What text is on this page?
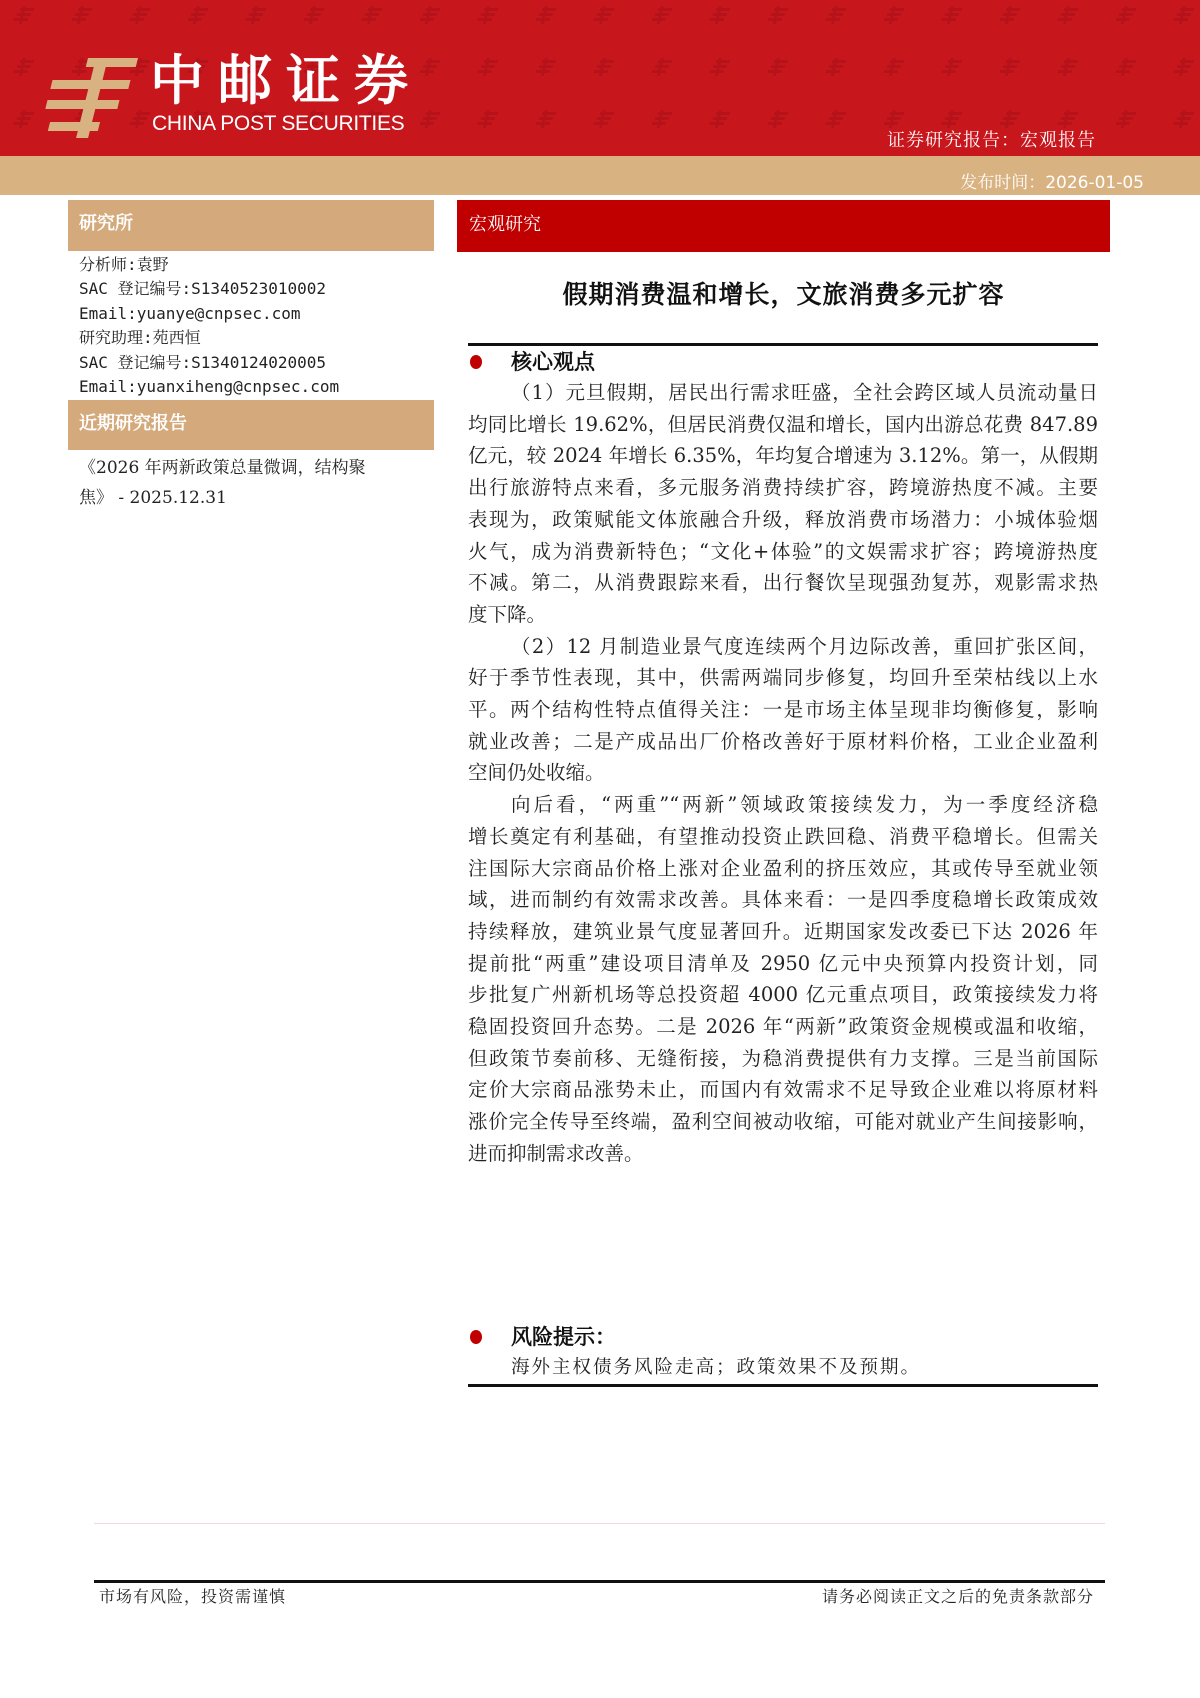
中邮证券
CHINA POST SECURITIES
证券研究报告：宏观报告
发布时间：2026-01-05
研究所
分析师:袁野
SAC 登记编号:S1340523010002
Email:yuanye@cnpsec.com
研究助理:苑西恒
SAC 登记编号:S1340124020005
Email:yuanxiheng@cnpsec.com
近期研究报告
《2026 年两新政策总量微调，结构聚
焦》 - 2025.12.31
宏观研究
假期消费温和增长，文旅消费多元扩容
核心观点
（1）元旦假期，居民出行需求旺盛，全社会跨区域人员流动量日
均同比增长 19.62%，但居民消费仅温和增长，国内出游总花费 847.89
亿元，较 2024 年增长 6.35%，年均复合增速为 3.12%。第一，从假期
出行旅游特点来看，多元服务消费持续扩容，跨境游热度不减。主要
表现为，政策赋能文体旅融合升级，释放消费市场潜力：小城体验烟
火气，成为消费新特色；“文化+体验”的文娱需求扩容；跨境游热度
不减。第二，从消费跟踪来看，出行餐饮呈现强劲复苏，观影需求热
度下降。
（2）12 月制造业景气度连续两个月边际改善，重回扩张区间，
好于季节性表现，其中，供需两端同步修复，均回升至荣枯线以上水
平。两个结构性特点值得关注：一是市场主体呈现非均衡修复，影响
就业改善；二是产成品出厂价格改善好于原材料价格，工业企业盈利
空间仍处收缩。
向后看，“两重”“两新”领域政策接续发力，为一季度经济稳
增长奠定有利基础，有望推动投资止跌回稳、消费平稳增长。但需关
注国际大宗商品价格上涨对企业盈利的挤压效应，其或传导至就业领
域，进而制约有效需求改善。具体来看：一是四季度稳增长政策成效
持续释放，建筑业景气度显著回升。近期国家发改委已下达 2026 年
提前批“两重”建设项目清单及 2950 亿元中央预算内投资计划，同
步批复广州新机场等总投资超 4000 亿元重点项目，政策接续发力将
稳固投资回升态势。二是 2026 年“两新”政策资金规模或温和收缩，
但政策节奏前移、无缝衔接，为稳消费提供有力支撑。三是当前国际
定价大宗商品涨势未止，而国内有效需求不足导致企业难以将原材料
涨价完全传导至终端，盈利空间被动收缩，可能对就业产生间接影响，
进而抑制需求改善。
风险提示：
海外主权债务风险走高；政策效果不及预期。
市场有风险，投资需谨慎	请务必阅读正文之后的免责条款部分
